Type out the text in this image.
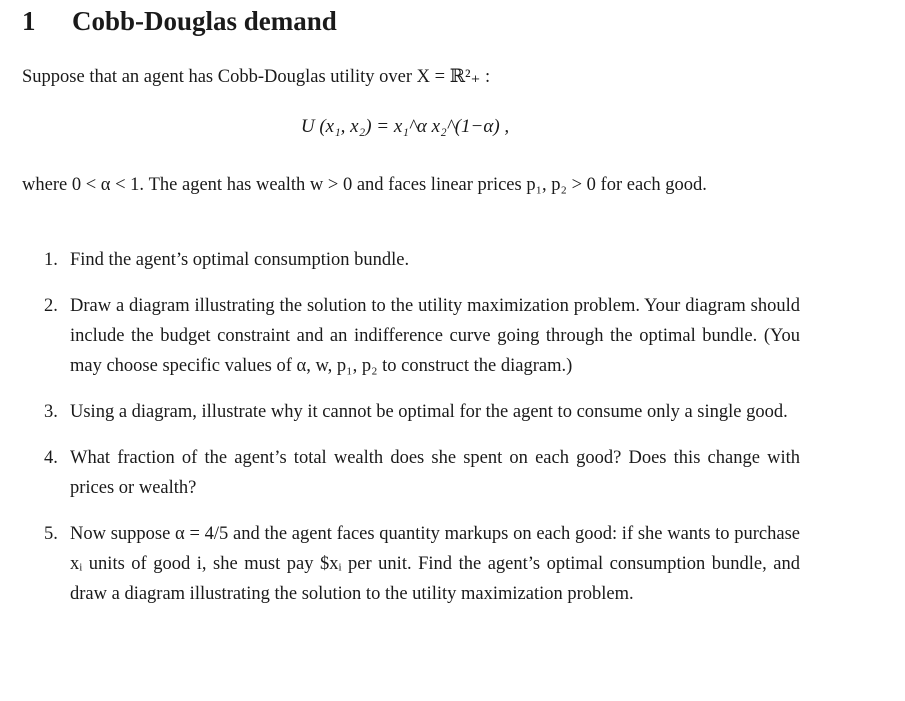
1 Cobb-Douglas demand

Suppose that an agent has Cobb-Douglas utility over X = ℝ²₊ :

U (x₁, x₂) = x₁^α x₂^(1−α) ,

where 0 < α < 1. The agent has wealth w > 0 and faces linear prices p₁, p₂ > 0 for each good.

1. Find the agent’s optimal consumption bundle.
2. Draw a diagram illustrating the solution to the utility maximization problem. Your diagram should include the budget constraint and an indifference curve going through the optimal bundle. (You may choose specific values of α, w, p₁, p₂ to construct the diagram.)
3. Using a diagram, illustrate why it cannot be optimal for the agent to consume only a single good.
4. What fraction of the agent’s total wealth does she spent on each good? Does this change with prices or wealth?
5. Now suppose α = 4/5 and the agent faces quantity markups on each good: if she wants to purchase xᵢ units of good i, she must pay $xᵢ per unit. Find the agent’s optimal consumption bundle, and draw a diagram illustrating the solution to the utility maximization problem.
